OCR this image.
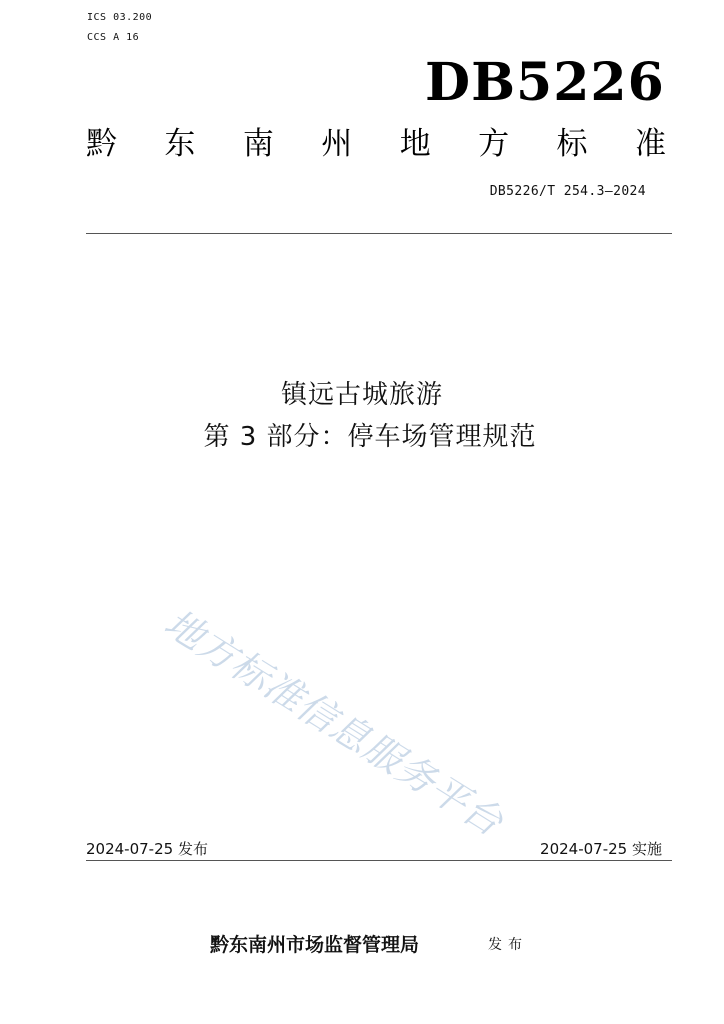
ICS 03.200
CCS A 16
DB5226
黔 东 南 州 地 方 标 准
DB5226/T 254.3—2024
镇远古城旅游
第 3 部分：停车场管理规范
地方标准信息服务平台
2024-07-25 发布	2024-07-25 实施
黔东南州市场监督管理局	发布
